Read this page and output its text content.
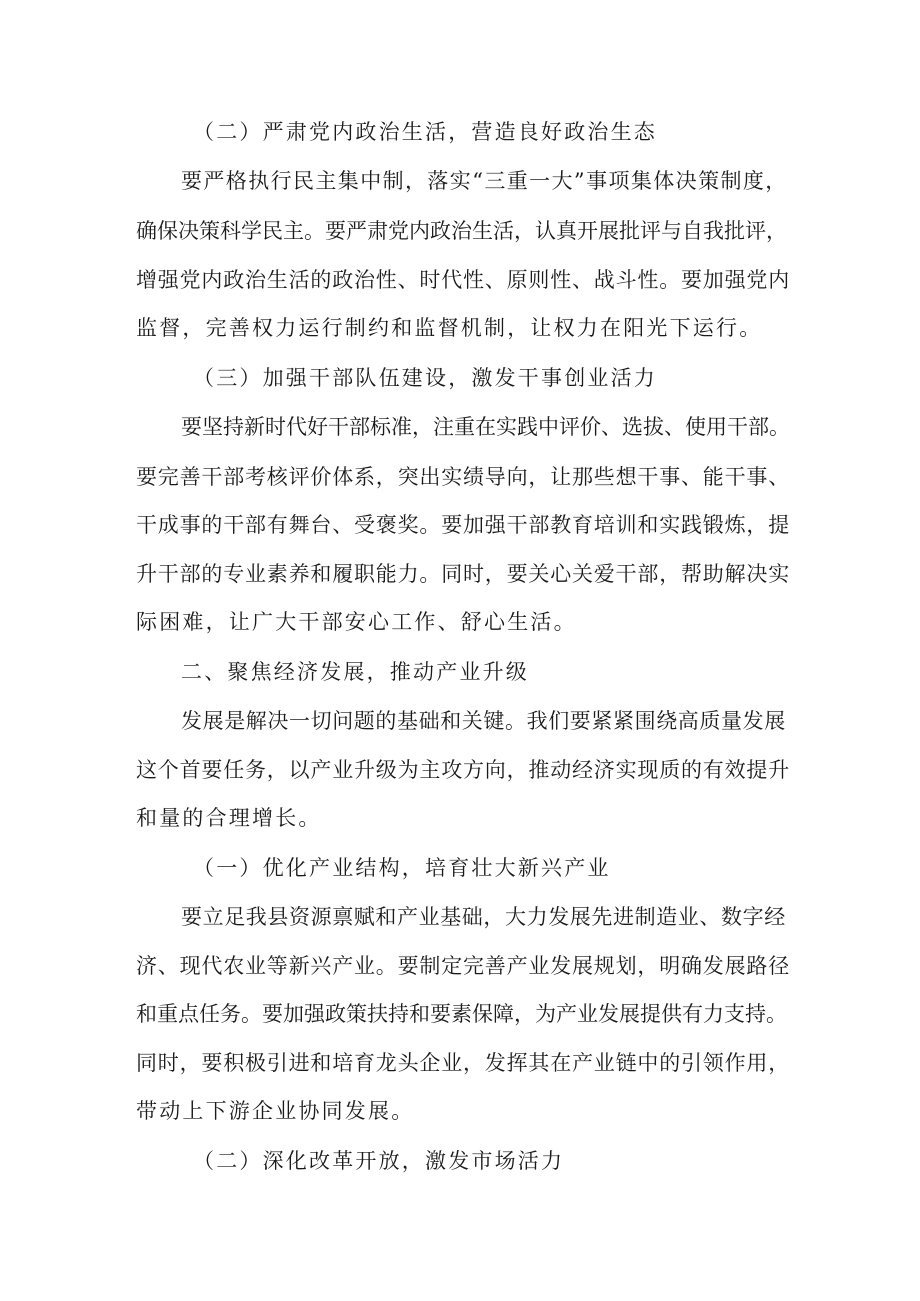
（二）严肃党内政治生活，营造良好政治生态
要严格执行民主集中制，落实“三重一大”事项集体决策制度，
确保决策科学民主。要严肃党内政治生活，认真开展批评与自我批评，
增强党内政治生活的政治性、时代性、原则性、战斗性。要加强党内
监督，完善权力运行制约和监督机制，让权力在阳光下运行。
（三）加强干部队伍建设，激发干事创业活力
要坚持新时代好干部标准，注重在实践中评价、选拔、使用干部。
要完善干部考核评价体系，突出实绩导向，让那些想干事、能干事、
干成事的干部有舞台、受褒奖。要加强干部教育培训和实践锻炼，提
升干部的专业素养和履职能力。同时，要关心关爱干部，帮助解决实
际困难，让广大干部安心工作、舒心生活。
二、聚焦经济发展，推动产业升级
发展是解决一切问题的基础和关键。我们要紧紧围绕高质量发展
这个首要任务，以产业升级为主攻方向，推动经济实现质的有效提升
和量的合理增长。
（一）优化产业结构，培育壮大新兴产业
要立足我县资源禀赋和产业基础，大力发展先进制造业、数字经
济、现代农业等新兴产业。要制定完善产业发展规划，明确发展路径
和重点任务。要加强政策扶持和要素保障，为产业发展提供有力支持。
同时，要积极引进和培育龙头企业，发挥其在产业链中的引领作用，
带动上下游企业协同发展。
（二）深化改革开放，激发市场活力
